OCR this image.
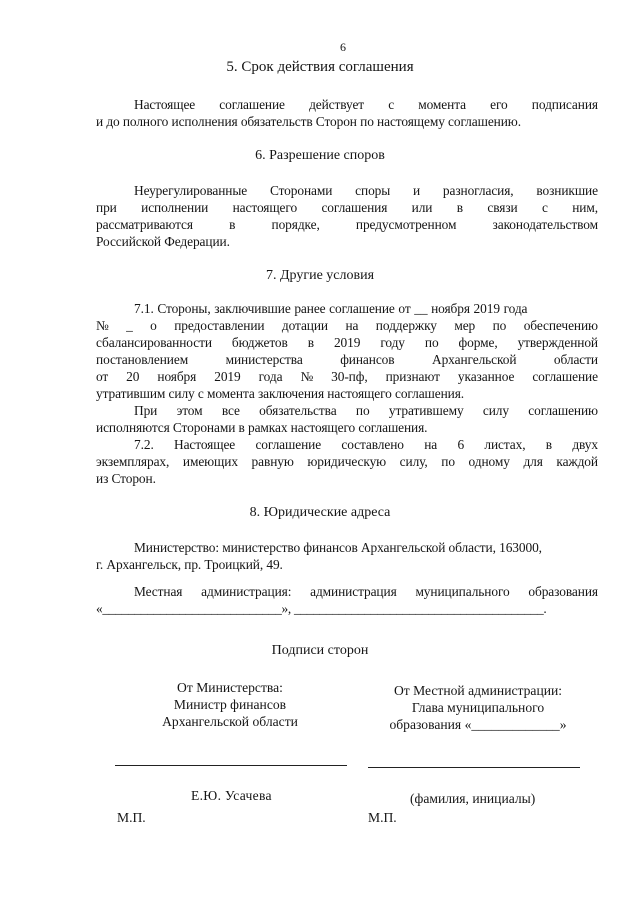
6
5. Срок действия соглашения
Настоящее соглашение действует с момента его подписания
и до полного исполнения обязательств Сторон по настоящему соглашению.
6. Разрешение споров
Неурегулированные Сторонами споры и разногласия, возникшие
при исполнении настоящего соглашения или в связи с ним,
рассматриваются	в	порядке,	предусмотренном	законодательством
Российской Федерации.
7. Другие условия
7.1. Стороны, заключившие ранее соглашение от __ ноября 2019 года
№ _ о предоставлении дотации на поддержку мер по обеспечению
сбалансированности бюджетов в 2019 году по форме, утвержденной
постановлением	министерства	финансов	Архангельской	области
от 20 ноября 2019 года № 30-пф, признают указанное соглашение
утратившим силу с момента заключения настоящего соглашения.
При этом все обязательства по утратившему силу соглашению
исполняются Сторонами в рамках настоящего соглашения.
7.2. Настоящее соглашение составлено на 6 листах, в двух
экземплярах, имеющих равную юридическую силу, по одному для каждой
из Сторон.
8. Юридические адреса
Министерство: министерство финансов Архангельской области, 163000,
г. Архангельск, пр. Троицкий, 49.
Местная администрация: администрация муниципального образования
«____________________________», _______________________________________.
Подписи сторон
От Министерства:
Министр финансов
Архангельской области
От Местной администрации:
Глава муниципального
образования «_____________»
Е.Ю. Усачева	(фамилия, инициалы)
М.П.	М.П.
